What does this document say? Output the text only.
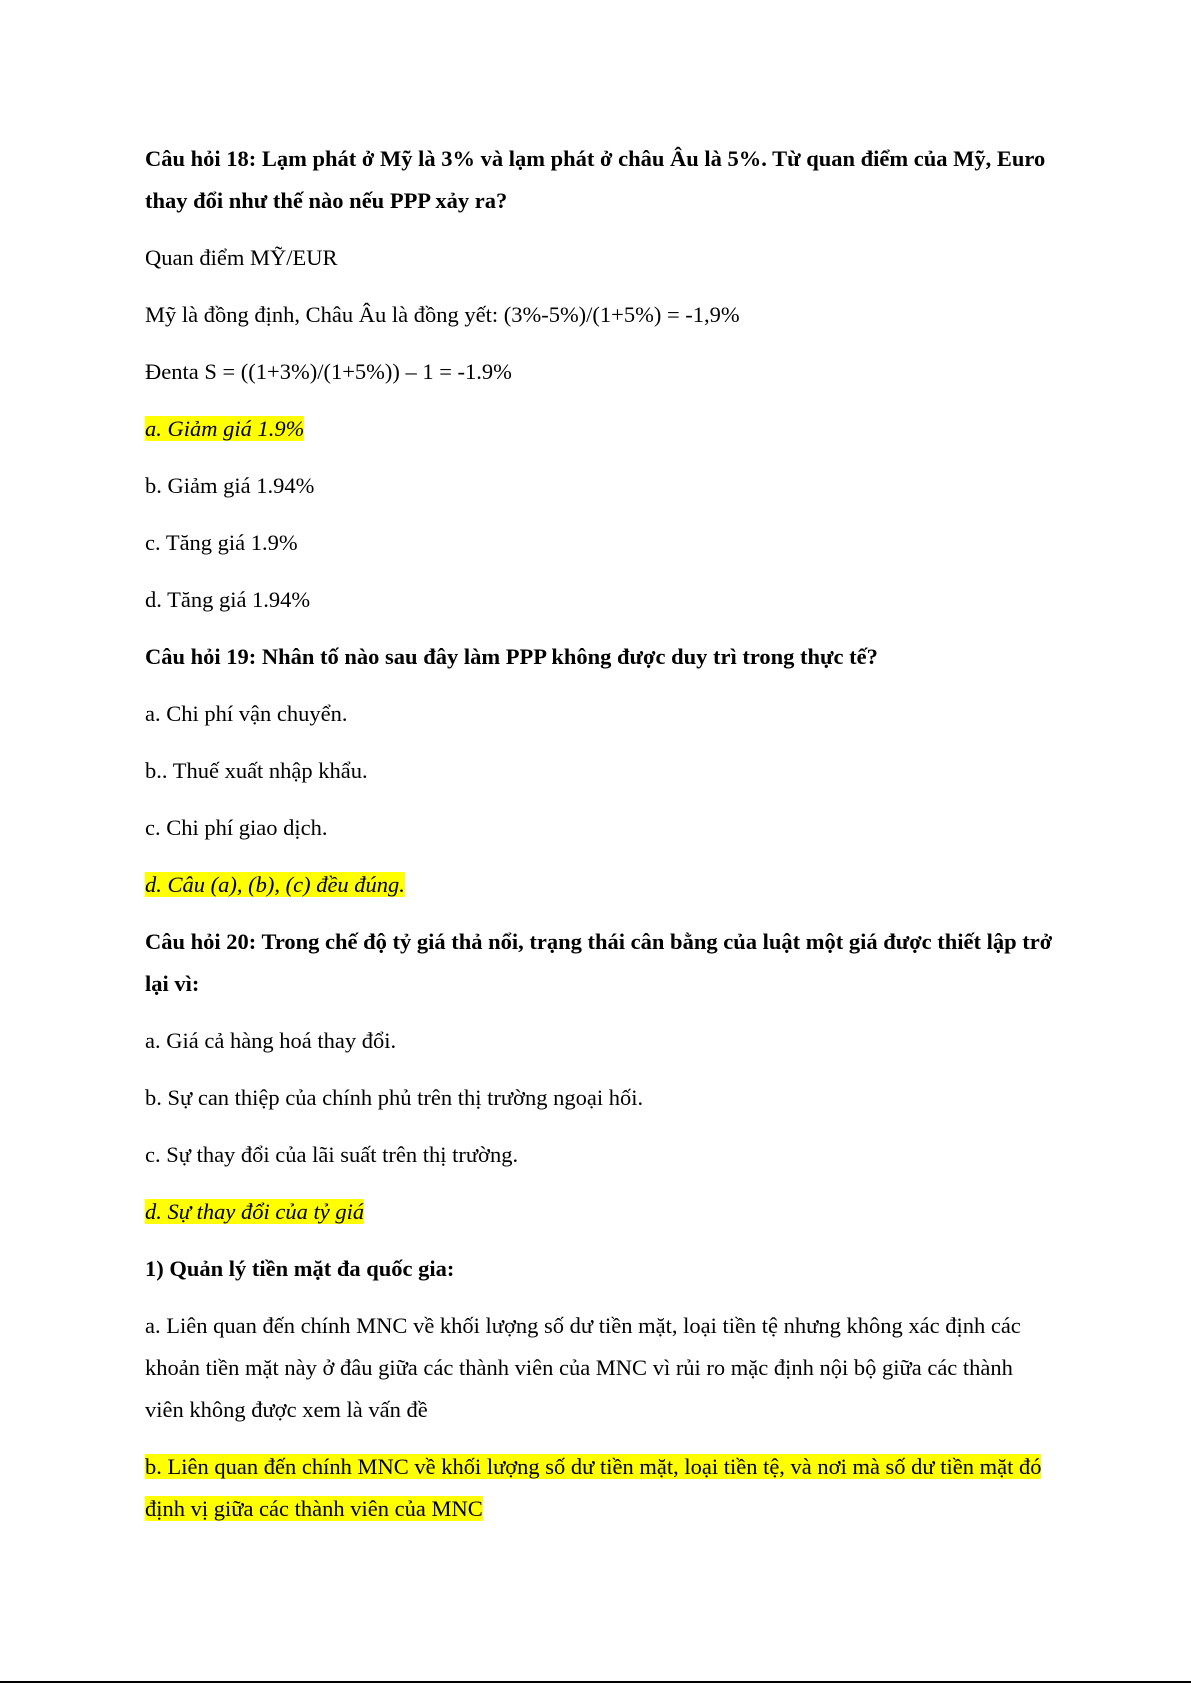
Câu hỏi 18: Lạm phát ở Mỹ là 3% và lạm phát ở châu Âu là 5%. Từ quan điểm của Mỹ, Euro thay đổi như thế nào nếu PPP xảy ra?

Quan điểm MỸ/EUR

Mỹ là đồng định, Châu Âu là đồng yết: (3%-5%)/(1+5%) = -1,9%

Đenta S = ((1+3%)/(1+5%)) – 1 = -1.9%

a. Giảm giá 1.9%

b. Giảm giá 1.94%

c. Tăng giá 1.9%

d. Tăng giá 1.94%

Câu hỏi 19: Nhân tố nào sau đây làm PPP không được duy trì trong thực tế?

a. Chi phí vận chuyển.

b.. Thuế xuất nhập khẩu.

c. Chi phí giao dịch.

d. Câu (a), (b), (c) đều đúng.

Câu hỏi 20: Trong chế độ tỷ giá thả nổi, trạng thái cân bằng của luật một giá được thiết lập trở lại vì:

a. Giá cả hàng hoá thay đổi.

b. Sự can thiệp của chính phủ trên thị trường ngoại hối.

c. Sự thay đổi của lãi suất trên thị trường.

d. Sự thay đổi của tỷ giá

1) Quản lý tiền mặt đa quốc gia:

a. Liên quan đến chính MNC về khối lượng số dư tiền mặt, loại tiền tệ nhưng không xác định các khoản tiền mặt này ở đâu giữa các thành viên của MNC vì rủi ro mặc định nội bộ giữa các thành viên không được xem là vấn đề

b. Liên quan đến chính MNC về khối lượng số dư tiền mặt, loại tiền tệ, và nơi mà số dư tiền mặt đó định vị giữa các thành viên của MNC
